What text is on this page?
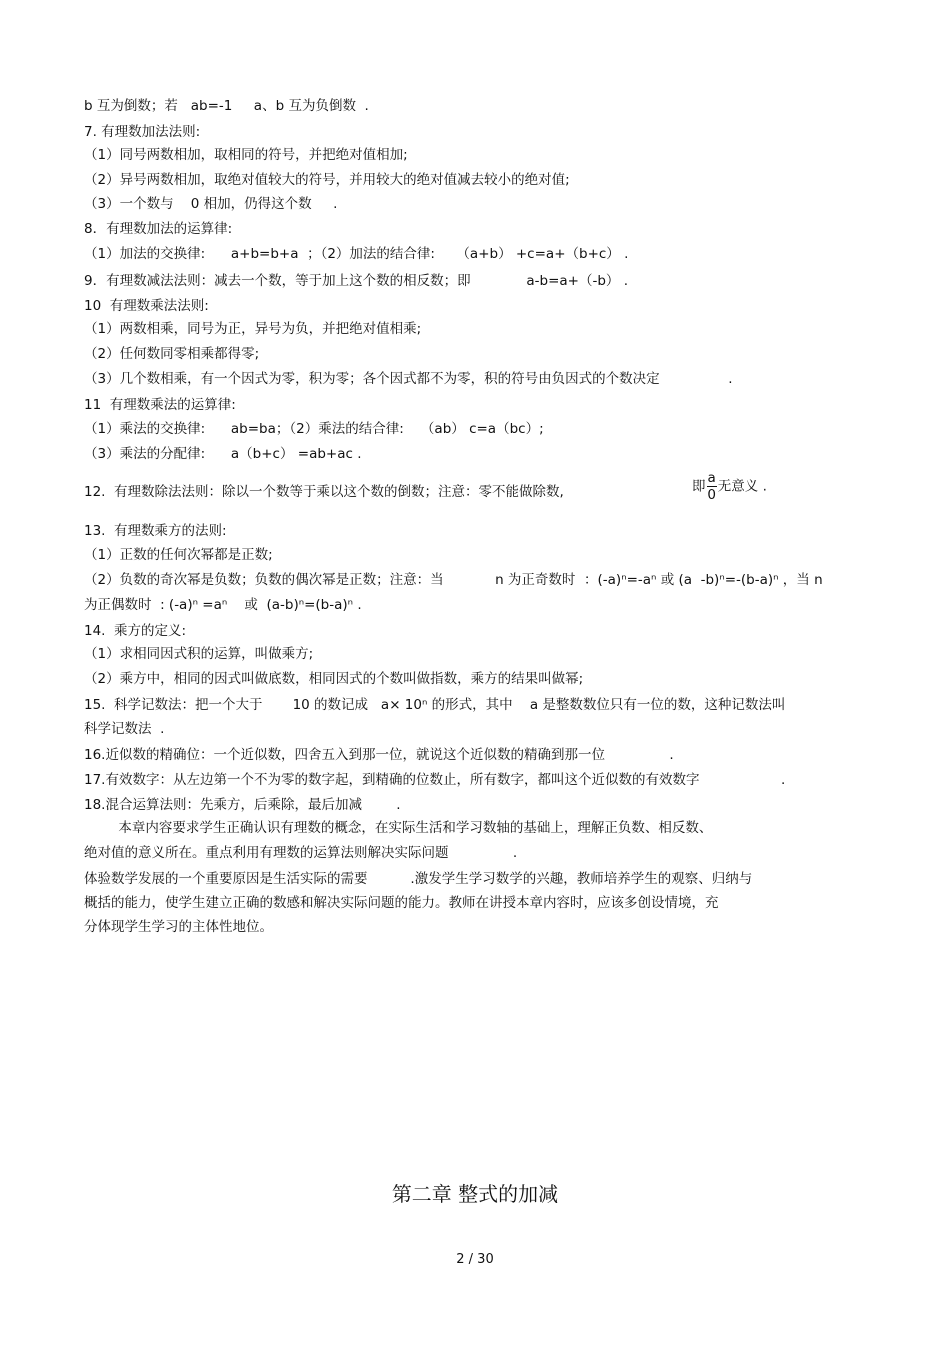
b 互为倒数；若   ab=-1     a、b 互为负倒数  .
7. 有理数加法法则:
（1）同号两数相加，取相同的符号，并把绝对值相加;
（2）异号两数相加，取绝对值较大的符号，并用较大的绝对值减去较小的绝对值;
（3）一个数与    0 相加，仍得这个数     .
8．有理数加法的运算律:
（1）加法的交换律:      a+b=b+a  ；（2）加法的结合律:     （a+b） +c=a+（b+c） .
9．有理数减法法则：减去一个数，等于加上这个数的相反数；即             a-b=a+（-b） .
10  有理数乘法法则:
（1）两数相乘，同号为正，异号为负，并把绝对值相乘;
（2）任何数同零相乘都得零;
（3）几个数相乘，有一个因式为零，积为零；各个因式都不为零，积的符号由负因式的个数决定                .
11  有理数乘法的运算律:
（1）乘法的交换律:      ab=ba；（2）乘法的结合律:    （ab） c=a（bc）;
（3）乘法的分配律:      a（b+c） =ab+ac .
12.  有理数除法法则：除以一个数等于乘以这个数的倒数；注意：零不能做除数,	即 $\frac{a}{0}$ 无意义 .
13.  有理数乘方的法则:
（1）正数的任何次幂都是正数;
（2）负数的奇次幂是负数；负数的偶次幂是正数；注意：当            n 为正奇数时  ：(-a)ⁿ=-aⁿ 或 (a  -b)ⁿ=-(b-a)ⁿ ，当 n
为正偶数时  : (-a)ⁿ =aⁿ    或  (a-b)ⁿ=(b-a)ⁿ .
14.  乘方的定义:
（1）求相同因式积的运算，叫做乘方;
（2）乘方中，相同的因式叫做底数，相同因式的个数叫做指数，乘方的结果叫做幂;
15.  科学记数法：把一个大于       10 的数记成   a× 10ⁿ 的形式，其中    a 是整数数位只有一位的数，这种记数法叫
科学记数法  .
16.近似数的精确位：一个近似数，四舍五入到那一位，就说这个近似数的精确到那一位               .
17.有效数字：从左边第一个不为零的数字起，到精确的位数止，所有数字，都叫这个近似数的有效数字                   .
18.混合运算法则：先乘方，后乘除，最后加减        .
本章内容要求学生正确认识有理数的概念，在实际生活和学习数轴的基础上，理解正负数、相反数、
绝对值的意义所在。重点利用有理数的运算法则解决实际问题               .
体验数学发展的一个重要原因是生活实际的需要          .激发学生学习数学的兴趣，教师培养学生的观察、归纳与
概括的能力，使学生建立正确的数感和解决实际问题的能力。教师在讲授本章内容时，应该多创设情境，充
分体现学生学习的主体性地位。
第二章 整式的加减
2 / 30
